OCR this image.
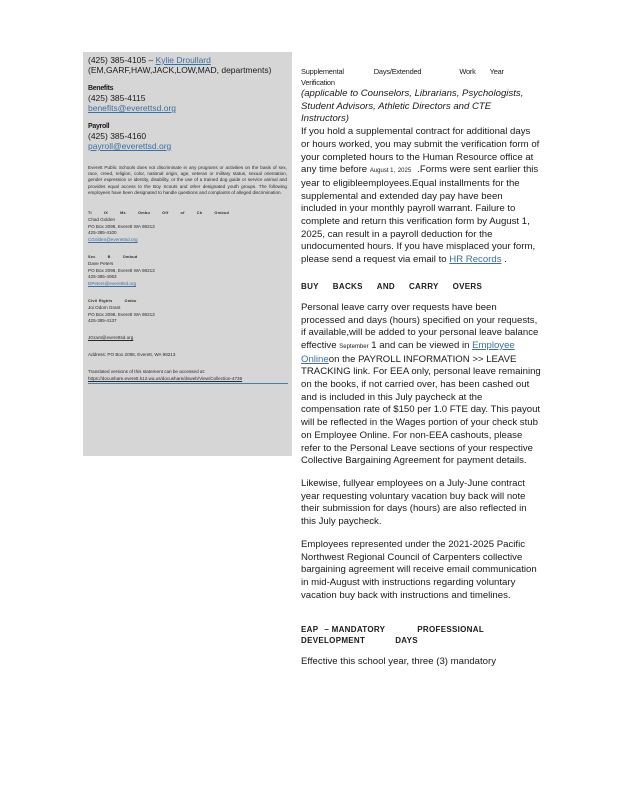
(425) 385-4105 – Kylie Droullard
(EM,GARF,HAW,JACK,LOW,MAD, departments)
Benefits
(425) 385-4115
benefits@everettsd.org
Payroll
(425) 385-4160
payroll@everettsd.org
Everett Public Schools does not discriminate in any programs or activities on the basis of sex, race, creed, religion, color, national origin, age, veteran or military status, sexual orientation, gender expression or identity, disability, or the use of a trained dog guide or service animal and provides equal access to the Boy Scouts and other designated youth groups. The following employees have been designated to handle questions and complaints of alleged discrimination.
Ti	IX	Ms	Ombu	Off	of	Ch	Ombud
Chad Golden
PO Box 2098, Everett WA 98213
425-385-4100
CGolden@everettsd.org
Sec	B	Ombud
Dave Peters
PO Box 2098, Everett WA 98213
425-385-4063
DPeters@everettsd.org
Civil Rights	Ombu
Joi Odom Grant
PO Box 2098, Everett WA 98213
425-385-4137
JGrant@everettsd.org
Address: PO Box 2098, Everett, WA 98213
Translated versions of this statement can be accessed at:
https://docushare.everett.k12.wa.us/docushare/dsweb/View/Collection-4736
Supplemental	Days/Extended	Work Year
Verification

(applicable to Counselors, Librarians, Psychologists, Student Advisors, Athletic Directors and CTE Instructors)

If you hold a supplemental contract for additional days or hours worked, you may submit the verification form of your completed hours to the Human Resource office at any time before August 1, 2025 .Forms were sent earlier this year to eligibleemployees.Equal installments for the supplemental and extended day pay have been included in your monthly payroll warrant. Failure to complete and return this verification form by August 1, 2025, can result in a payroll deduction for the undocumented hours. If you have misplaced your form, please send a request via email to HR Records .

BUY BACKS AND CARRY OVERS

Personal leave carry over requests have been processed and days (hours) specified on your requests, if available,will be added to your personal leave balance effective September 1 and can be viewed in Employee Onlineon the PAYROLL INFORMATION >> LEAVE TRACKING link. For EEA only, personal leave remaining on the books, if not carried over, has been cashed out and is included in this July paycheck at the compensation rate of $150 per 1.0 FTE day. This payout will be reflected in the Wages portion of your check stub on Employee Online. For non-EEA cashouts, please refer to the Personal Leave sections of your respective Collective Bargaining Agreement for payment details.

Likewise, fullyear employees on a July-June contract year requesting voluntary vacation buy back will note their submission for days (hours) are also reflected in this July paycheck.

Employees represented under the 2021-2025 Pacific Northwest Regional Council of Carpenters collective bargaining agreement will receive email communication in mid-August with instructions regarding voluntary vacation buy back with instructions and timelines.

EAP – MANDATORY	PROFESSIONAL
DEVELOPMENT	DAYS

Effective this school year, three (3) mandatory
